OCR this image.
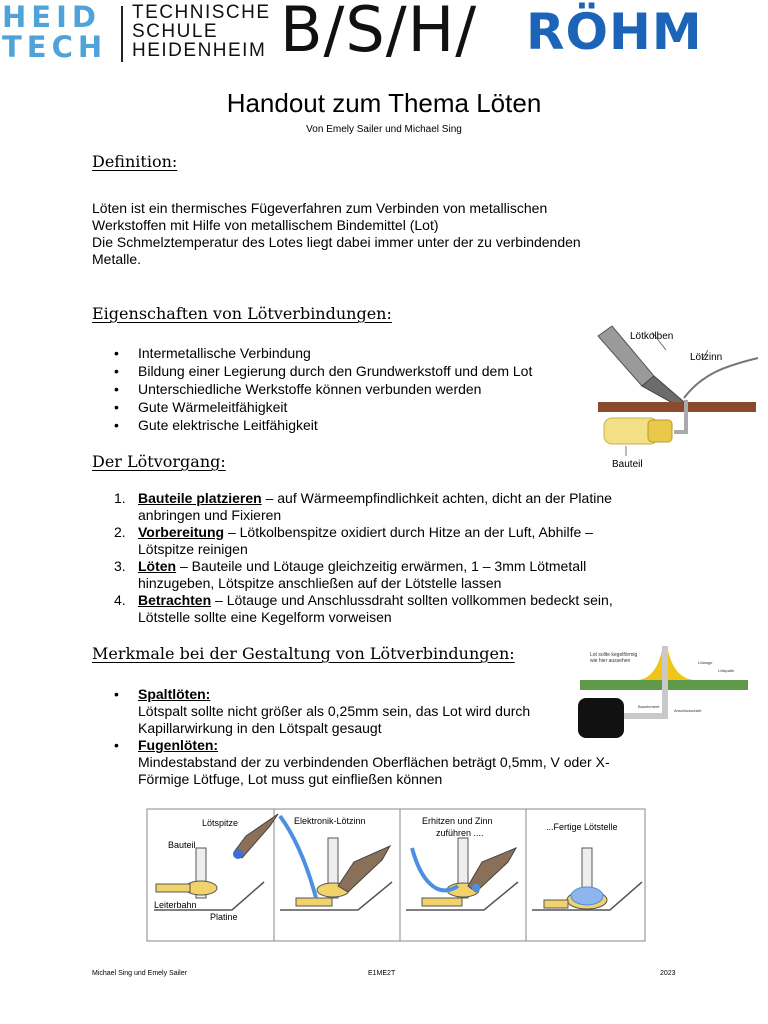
HEID
TECH
TECHNISCHE
SCHULE
HEIDENHEIM B/S/H/ RÖHM
Handout zum Thema Löten
Von Emely Sailer und Michael Sing
Definition:
Löten ist ein thermisches Fügeverfahren zum Verbinden von metallischen
Werkstoffen mit Hilfe von metallischem Bindemittel (Lot)
Die Schmelztemperatur des Lotes liegt dabei immer unter der zu verbindenden
Metalle.
Eigenschaften von Lötverbindungen:
• Intermetallische Verbindung
• Bildung einer Legierung durch den Grundwerkstoff und dem Lot
• Unterschiedliche Werkstoffe können verbunden werden
• Gute Wärmeleitfähigkeit
• Gute elektrische Leitfähigkeit
Lötkolben
Lötzinn
Bauteil
Der Lötvorgang:
1. Bauteile platzieren – auf Wärmeempfindlichkeit achten, dicht an der Platine
anbringen und Fixieren
2. Vorbereitung – Lötkolbenspitze oxidiert durch Hitze an der Luft, Abhilfe –
Lötspitze reinigen
3. Löten – Bauteile und Lötauge gleichzeitig erwärmen, 1 – 3mm Lötmetall
hinzugeben, Lötspitze anschließen auf der Lötstelle lassen
4. Betrachten – Lötauge und Anschlussdraht sollten vollkommen bedeckt sein,
Lötstelle sollte eine Kegelform vorweisen
Merkmale bei der Gestaltung von Lötverbindungen:
• Spaltlöten:
Lötspalt sollte nicht größer als 0,25mm sein, das Lot wird durch
Kapillarwirkung in den Lötspalt gesaugt
• Fugenlöten:
Mindestabstand der zu verbindenden Oberflächen beträgt 0,5mm, V oder X-
Förmige Lötfuge, Lot muss gut einfließen können
Lot sollte kegelförmig
wie hier aussehen	Lötauge
Lötspalte
Bauelement
Anschlussdraht
Lötspitze
Bauteil
Leiterbahn
Platine
Elektronik-Lötzinn	Erhitzen und Zinn
zuführen ....
...Fertige Lötstelle
Michael Sing und Emely Sailer	E1ME2T	2023
